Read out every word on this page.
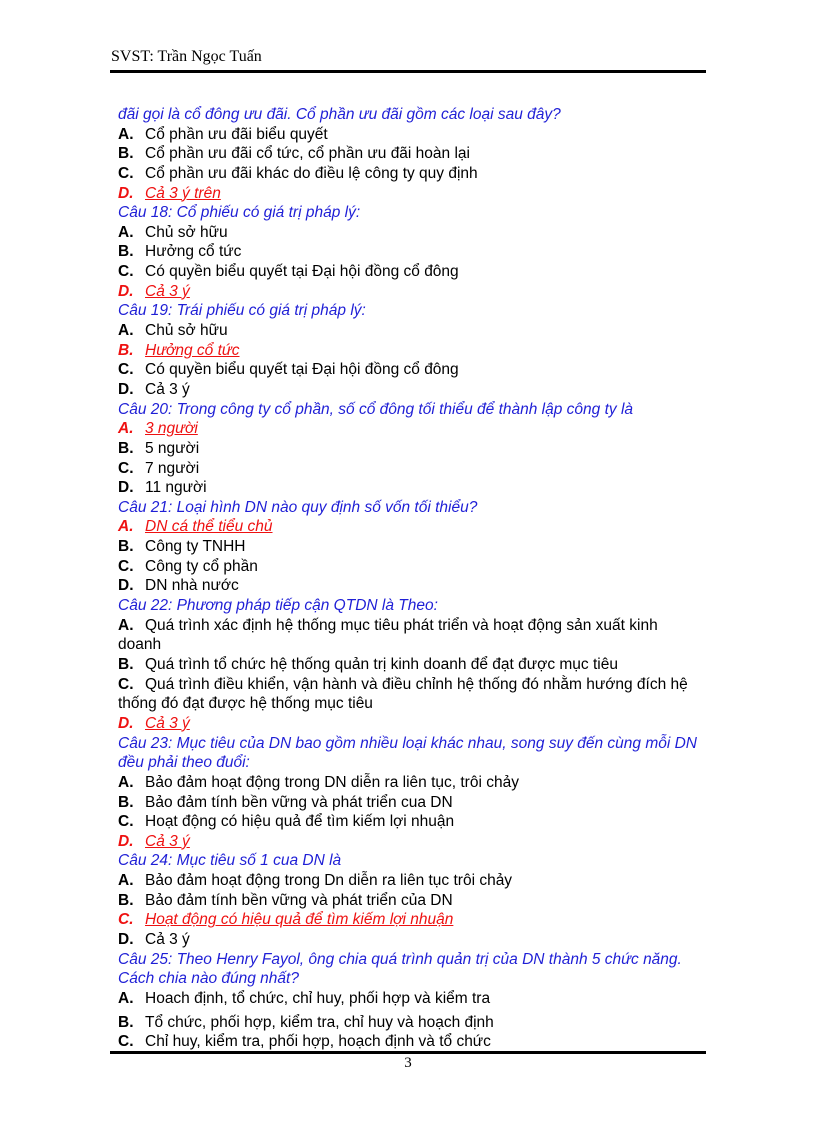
SVST: Trần Ngọc Tuấn
đãi gọi là cổ đông ưu đãi. Cổ phần ưu đãi gồm các loại sau đây?
A. Cổ phần ưu đãi biểu quyết
B. Cổ phần ưu đãi cổ tức, cổ phần ưu đãi hoàn lại
C. Cổ phần ưu đãi khác do điều lệ công ty quy định
D. Cả 3 ý trên
Câu 18: Cổ phiếu có giá trị pháp lý:
A. Chủ sở hữu
B. Hưởng cổ tức
C. Có quyền biểu quyết tại Đại hội đồng cổ đông
D. Cả 3 ý
Câu 19: Trái phiếu có giá trị pháp lý:
A. Chủ sở hữu
B. Hưởng cổ tức
C. Có quyền biểu quyết tại Đại hội đồng cổ đông
D. Cả 3 ý
Câu 20: Trong công ty cổ phần, số cổ đông tối thiểu để thành lập công ty là
A. 3 người
B. 5 người
C. 7 người
D. 11 người
Câu 21: Loại hình DN nào quy định số vốn tối thiểu?
A. DN cá thể tiểu chủ
B. Công ty TNHH
C. Công ty cổ phần
D. DN nhà nước
Câu 22: Phương pháp tiếp cận QTDN là Theo:
A. Quá trình xác định hệ thống mục tiêu phát triển và hoạt động sản xuất kinh doanh
B. Quá trình tổ chức hệ thống quản trị kinh doanh để đạt được mục tiêu
C. Quá trình điều khiển, vận hành và điều chỉnh hệ thống đó nhằm hướng đích hệ thống đó đạt được hệ thống mục tiêu
D. Cả 3 ý
Câu 23: Mục tiêu của DN bao gồm nhiều loại khác nhau, song suy đến cùng mỗi DN đều phải theo đuổi:
A. Bảo đảm hoạt động trong DN diễn ra liên tục, trôi chảy
B. Bảo đảm tính bền vững và phát triển cua DN
C. Hoạt động có hiệu quả để tìm kiếm lợi nhuận
D. Cả 3 ý
Câu 24: Mục tiêu số 1 cua DN là
A. Bảo đảm hoạt động trong Dn diễn ra liên tục trôi chảy
B. Bảo đảm tính bền vững và phát triển của DN
C. Hoạt động có hiệu quả để tìm kiếm lợi nhuận
D. Cả 3 ý
Câu 25: Theo Henry Fayol, ông chia quá trình quản trị của DN thành 5 chức năng. Cách chia nào đúng nhất?
A. Hoach định, tổ chức, chỉ huy, phối hợp và kiểm tra
B. Tổ chức, phối hợp, kiểm tra, chỉ huy và hoạch định
C. Chỉ huy, kiểm tra, phối hợp, hoạch định và tổ chức
3
